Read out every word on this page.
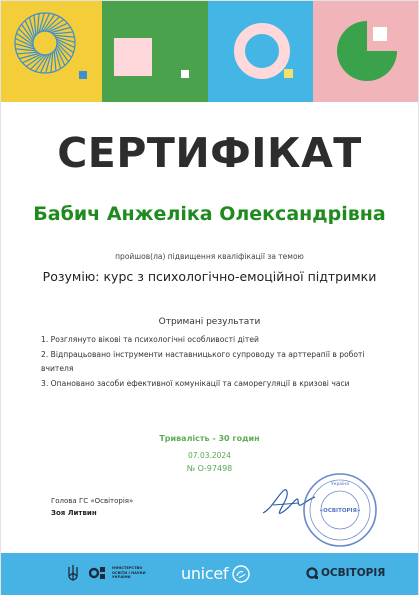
СЕРТИФІКАТ
Бабич Анжеліка Олександрівна
пройшов(ла) підвищення кваліфікації за темою
Розумію: курс з психологічно-емоційної підтримки
Отримані результати
1. Розглянуто вікові та психологічні особливості дітей
2. Відпрацьовано інструменти наставницького супроводу та арттерапії в роботі вчителя
3. Опановано засоби ефективної комунікації та саморегуляції в кризові часи
Тривалість - 30 годин
07.03.2024
№ О-97498
Голова ГС «Освіторія»
Зоя Литвин
Україна
«ОСВІТОРІЯ»
МІНІСТЕРСТВО ОСВІТИ І НАУКИ УКРАЇНИ	unicef	ОСВІТОРІЯ
